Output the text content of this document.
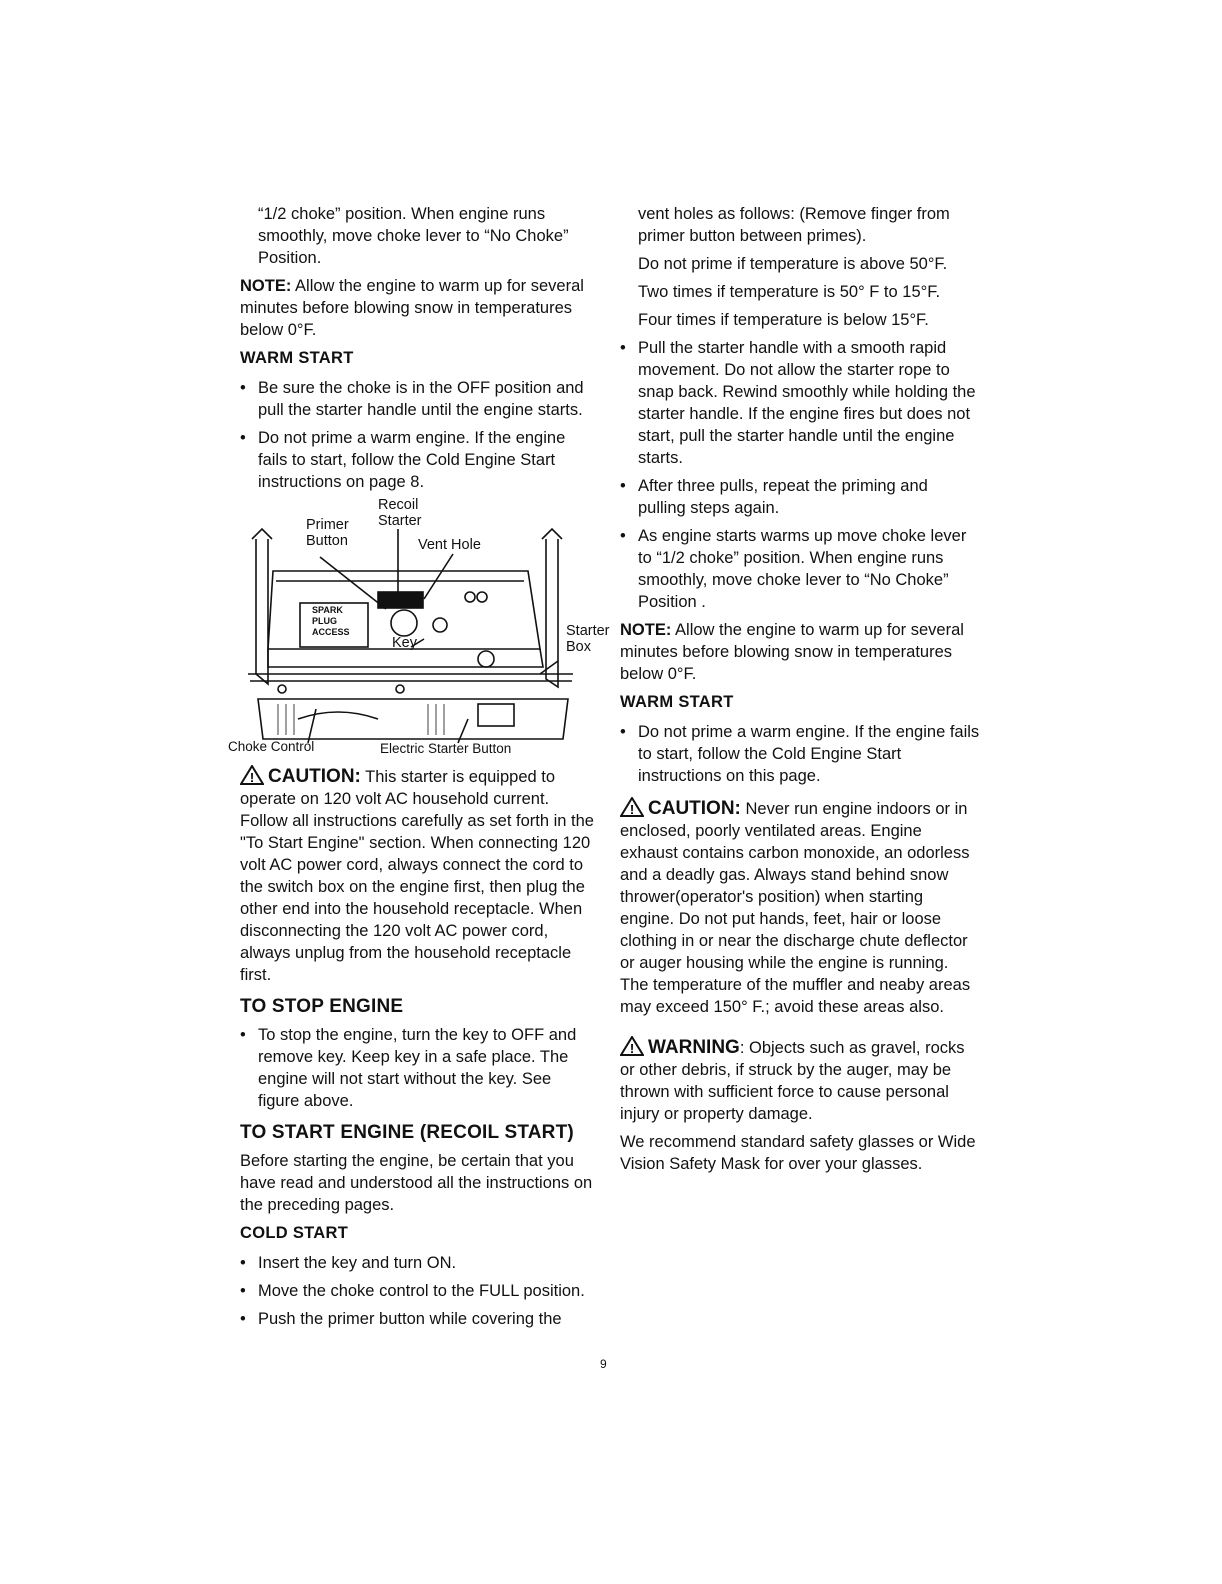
“1/2 choke” position. When engine runs smoothly, move choke lever to “No Choke” Position.

NOTE: Allow the engine to warm up for several minutes before blowing snow in temperatures below 0°F.

WARM START
• Be sure the choke is in the OFF position and pull the starter handle until the engine starts.
• Do not prime a warm engine. If the engine fails to start, follow the Cold Engine Start instructions on page 8.
Recoil
Starter
Primer
Button	Vent Hole
SPARK
PLUG
ACCESS
Key
Starter
Box
Choke Control	Electric Starter Button

! CAUTION: This starter is equipped to operate on 120 volt AC household current. Follow all instructions carefully as set forth in the "To Start Engine" section. When connecting 120 volt AC power cord, always connect the cord to the switch box on the engine first, then plug the other end into the household receptacle. When disconnecting the 120 volt AC power cord, always unplug from the household receptacle first.

TO STOP ENGINE
• To stop the engine, turn the key to OFF and remove key. Keep key in a safe place. The engine will not start without the key. See figure above.
TO START ENGINE (RECOIL START)

Before starting the engine, be certain that you have read and understood all the instructions on the preceding pages.

COLD START
• Insert the key and turn ON.
• Move the choke control to the FULL position.
• Push the primer button while covering the

vent holes as follows: (Remove finger from primer button between primes).

Do not prime if temperature is above 50°F.

Two times if temperature is 50° F to 15°F.

Four times if temperature is below 15°F.

• Pull the starter handle with a smooth rapid movement. Do not allow the starter rope to snap back. Rewind smoothly while holding the starter handle. If the engine fires but does not start, pull the starter handle until the engine starts.
• After three pulls, repeat the priming and pulling steps again.
• As engine starts warms up move choke lever to “1/2 choke” position. When engine runs smoothly, move choke lever to “No Choke” Position .

NOTE: Allow the engine to warm up for several minutes before blowing snow in temperatures below 0°F.

WARM START
• Do not prime a warm engine. If the engine fails to start, follow the Cold Engine Start instructions on this page.

! CAUTION: Never run engine indoors or in enclosed, poorly ventilated areas. Engine exhaust contains carbon monoxide, an odorless and a deadly gas. Always stand behind snow thrower(operator's position) when starting engine. Do not put hands, feet, hair or loose clothing in or near the discharge chute deflector or auger housing while the engine is running. The temperature of the muffler and neaby areas may exceed 150° F.; avoid these areas also.

! WARNING: Objects such as gravel, rocks or other debris, if struck by the auger, may be thrown with sufficient force to cause personal injury or property damage.

We recommend standard safety glasses or Wide Vision Safety Mask for over your glasses.

9
